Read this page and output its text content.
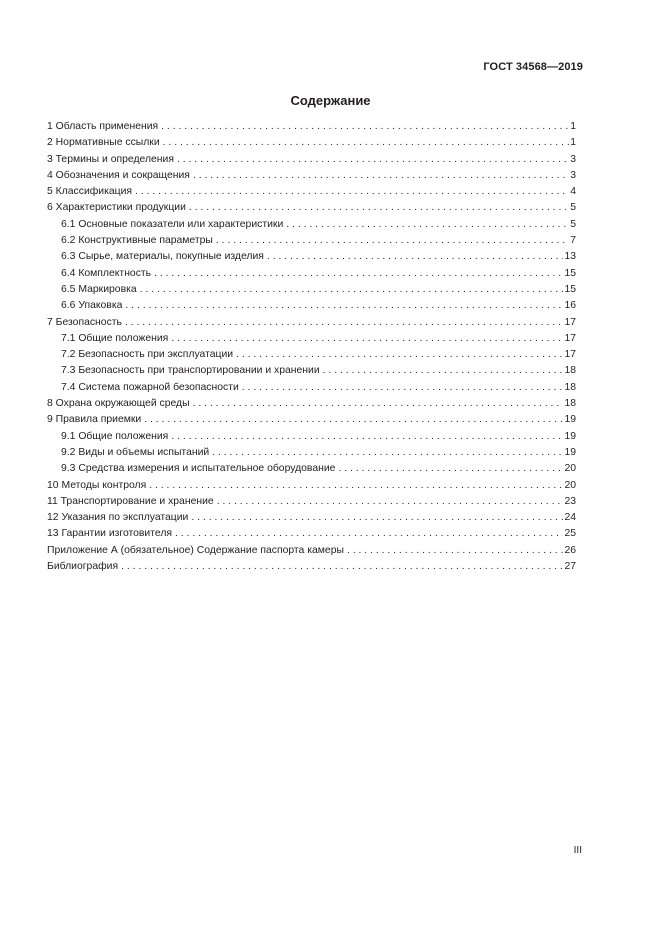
ГОСТ 34568—2019
Содержание
1 Область применения . . .	1
2 Нормативные ссылки . . .	1
3 Термины и определения . . .	3
4 Обозначения и сокращения . . .	3
5 Классификация . . .	4
6 Характеристики продукции . . .	5
6.1 Основные показатели или характеристики . . .	5
6.2 Конструктивные параметры . . .	7
6.3 Сырье, материалы, покупные изделия . . .	13
6.4 Комплектность . . .	15
6.5 Маркировка . . .	15
6.6 Упаковка . . .	16
7 Безопасность . . .	17
7.1 Общие положения . . .	17
7.2 Безопасность при эксплуатации . . .	17
7.3 Безопасность при транспортировании и хранении . . .	18
7.4 Система пожарной безопасности . . .	18
8 Охрана окружающей среды . . .	18
9 Правила приемки . . .	19
9.1 Общие положения . . .	19
9.2 Виды и объемы испытаний . . .	19
9.3 Средства измерения и испытательное оборудование . . .	20
10 Методы контроля . . .	20
11 Транспортирование и хранение . . .	23
12 Указания по эксплуатации . . .	24
13 Гарантии изготовителя . . .	25
Приложение А (обязательное) Содержание паспорта камеры . . .	26
Библиография . . .	27
III
